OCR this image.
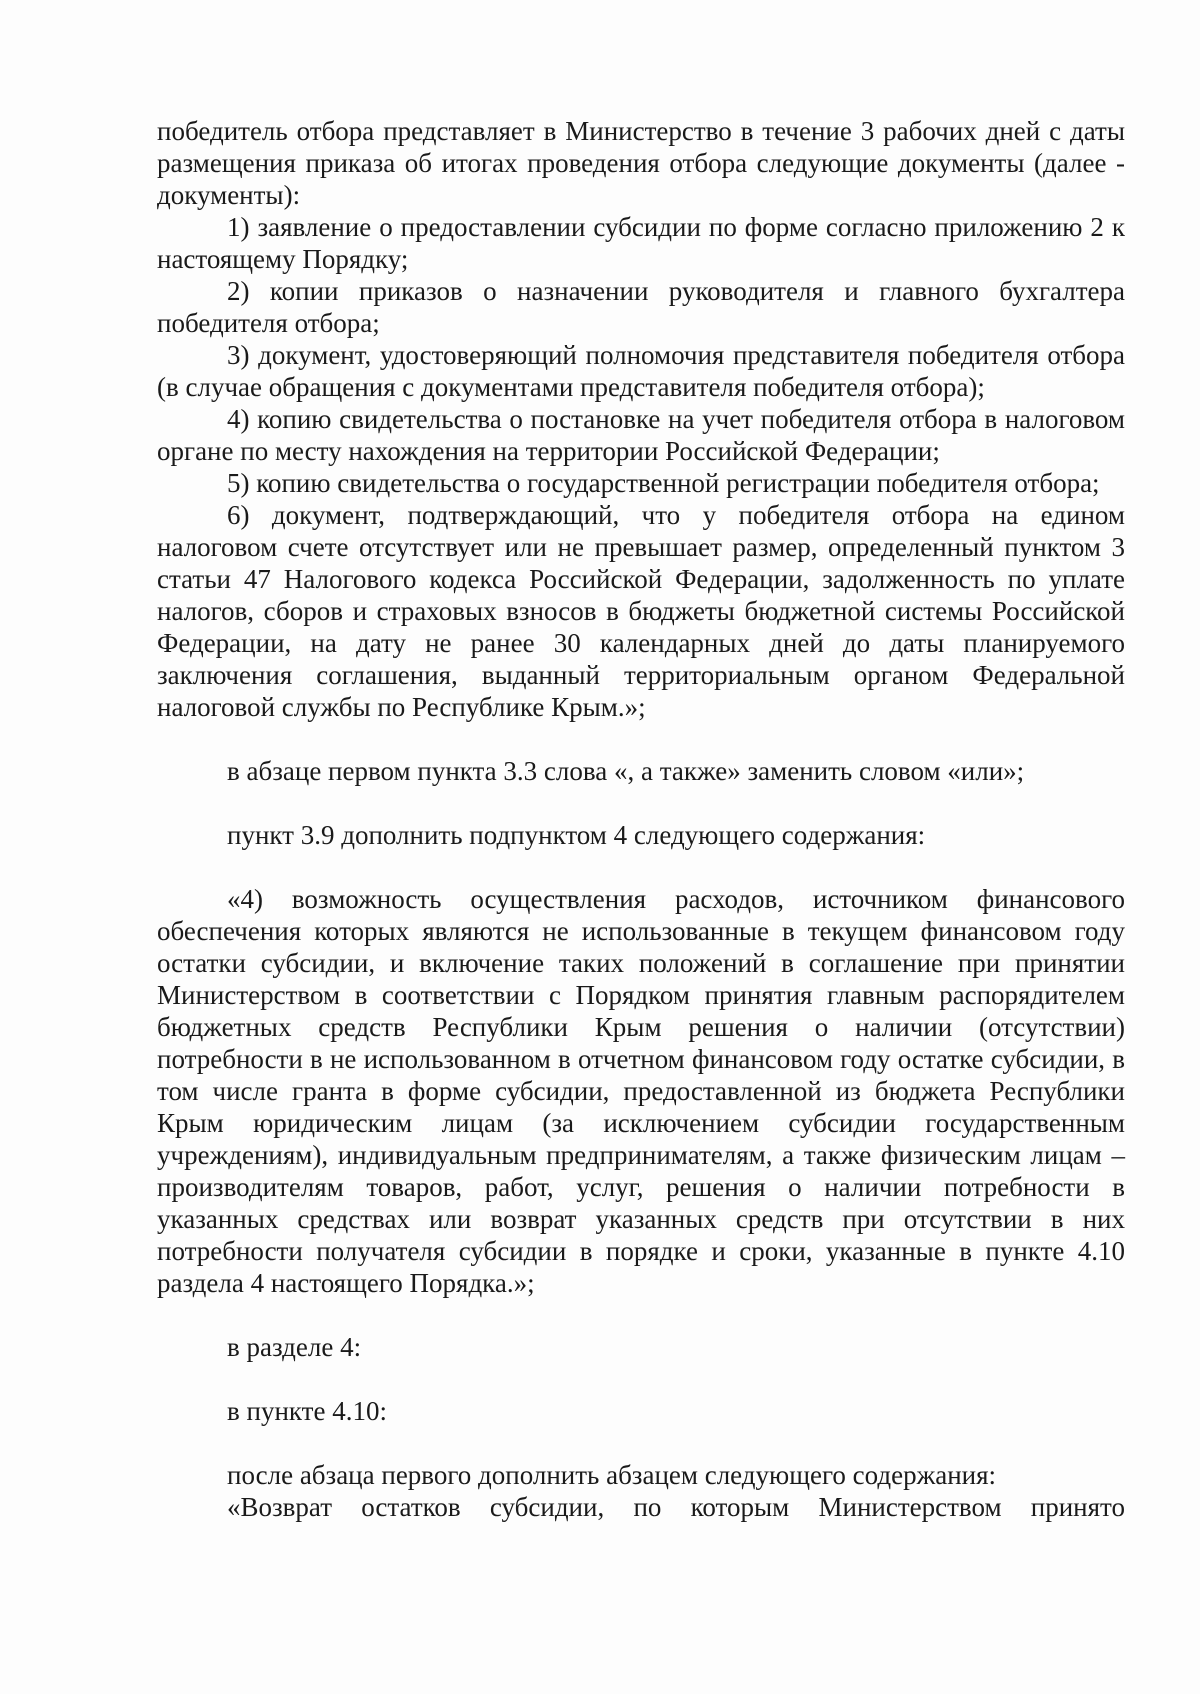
победитель отбора представляет в Министерство в течение 3 рабочих дней с даты размещения приказа об итогах проведения отбора следующие документы (далее - документы):

1) заявление о предоставлении субсидии по форме согласно приложению 2 к настоящему Порядку;

2) копии приказов о назначении руководителя и главного бухгалтера победителя отбора;

3) документ, удостоверяющий полномочия представителя победителя отбора (в случае обращения с документами представителя победителя отбора);

4) копию свидетельства о постановке на учет победителя отбора в налоговом органе по месту нахождения на территории Российской Федерации;

5) копию свидетельства о государственной регистрации победителя отбора;

6) документ, подтверждающий, что у победителя отбора на едином налоговом счете отсутствует или не превышает размер, определенный пунктом 3 статьи 47 Налогового кодекса Российской Федерации, задолженность по уплате налогов, сборов и страховых взносов в бюджеты бюджетной системы Российской Федерации, на дату не ранее 30 календарных дней до даты планируемого заключения соглашения, выданный территориальным органом Федеральной налоговой службы по Республике Крым.»;

в абзаце первом пункта 3.3 слова «, а также» заменить словом «или»;

пункт 3.9 дополнить подпунктом 4 следующего содержания:

«4) возможность осуществления расходов, источником финансового обеспечения которых являются не использованные в текущем финансовом году остатки субсидии, и включение таких положений в соглашение при принятии Министерством в соответствии с Порядком принятия главным распорядителем бюджетных средств Республики Крым решения о наличии (отсутствии) потребности в не использованном в отчетном финансовом году остатке субсидии, в том числе гранта в форме субсидии, предоставленной из бюджета Республики Крым юридическим лицам (за исключением субсидии государственным учреждениям), индивидуальным предпринимателям, а также физическим лицам – производителям товаров, работ, услуг, решения о наличии потребности в указанных средствах или возврат указанных средств при отсутствии в них потребности получателя субсидии в порядке и сроки, указанные в пункте 4.10 раздела 4 настоящего Порядка.»;

в разделе 4:

в пункте 4.10:

после абзаца первого дополнить абзацем следующего содержания:

«Возврат остатков субсидии, по которым Министерством принято
